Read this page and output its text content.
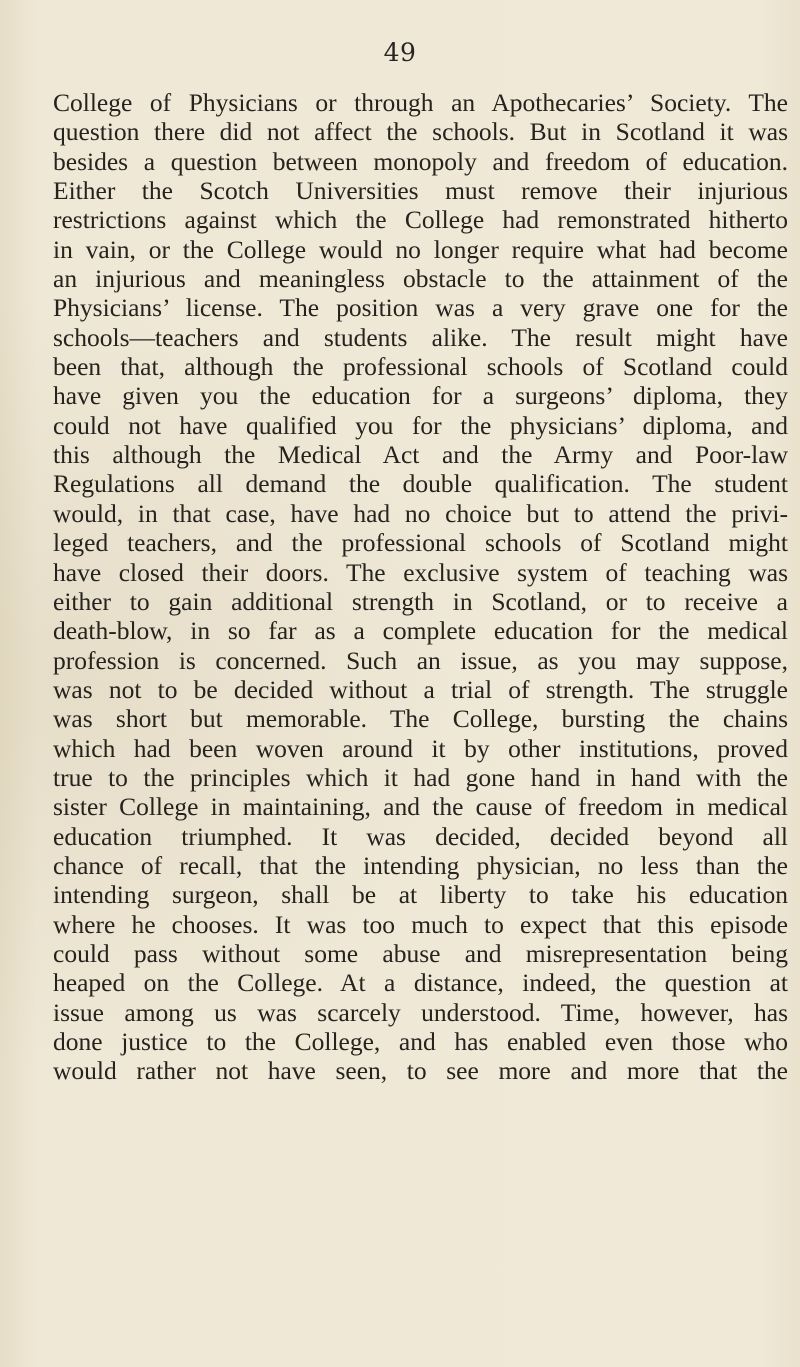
49
College of Physicians or through an Apothecaries’ Society. The
question there did not affect the schools. But in Scotland it was
besides a question between monopoly and freedom of education.
Either the Scotch Universities must remove their injurious
restrictions against which the College had remonstrated hitherto
in vain, or the College would no longer require what had become
an injurious and meaningless obstacle to the attainment of the
Physicians’ license. The position was a very grave one for the
schools—teachers and students alike. The result might have
been that, although the professional schools of Scotland could
have given you the education for a surgeons’ diploma, they
could not have qualified you for the physicians’ diploma, and
this although the Medical Act and the Army and Poor-law
Regulations all demand the double qualification. The student
would, in that case, have had no choice but to attend the privi-
leged teachers, and the professional schools of Scotland might
have closed their doors. The exclusive system of teaching was
either to gain additional strength in Scotland, or to receive a
death-blow, in so far as a complete education for the medical
profession is concerned. Such an issue, as you may suppose,
was not to be decided without a trial of strength. The struggle
was short but memorable. The College, bursting the chains
which had been woven around it by other institutions, proved
true to the principles which it had gone hand in hand with the
sister College in maintaining, and the cause of freedom in medical
education triumphed. It was decided, decided beyond all
chance of recall, that the intending physician, no less than the
intending surgeon, shall be at liberty to take his education
where he chooses. It was too much to expect that this episode
could pass without some abuse and misrepresentation being
heaped on the College. At a distance, indeed, the question at
issue among us was scarcely understood. Time, however, has
done justice to the College, and has enabled even those who
would rather not have seen, to see more and more that the
